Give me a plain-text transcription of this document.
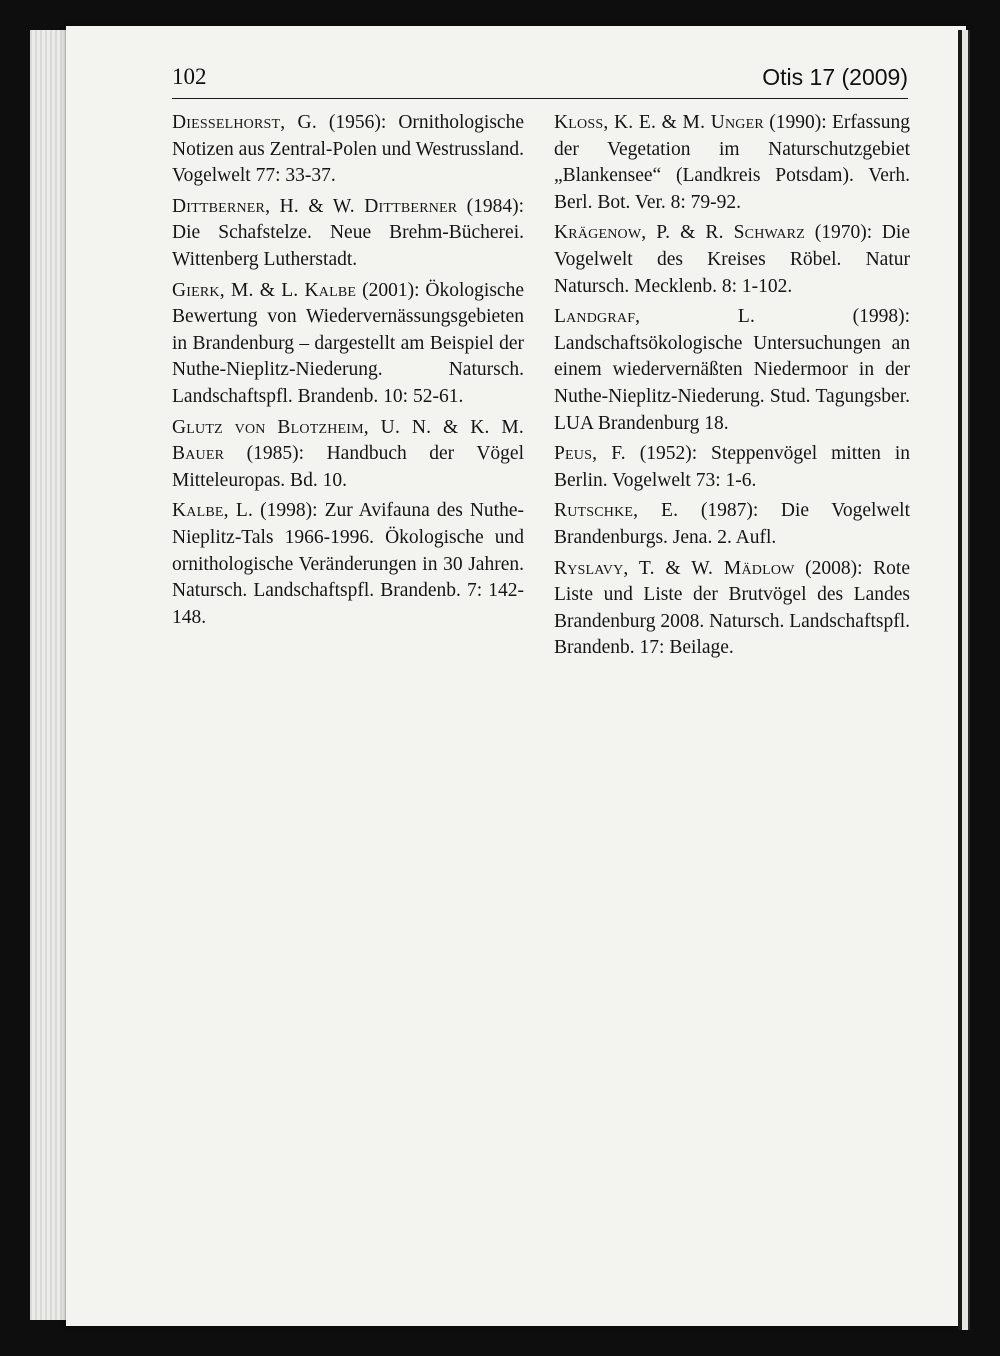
102	Otis 17 (2009)

Diesselhorst, G. (1956): Ornithologische Notizen aus Zentral-Polen und Westrussland. Vogelwelt 77: 33-37.

Dittberner, H. & W. Dittberner (1984): Die Schafstelze. Neue Brehm-Bücherei. Wittenberg Lutherstadt.

Gierk, M. & L. Kalbe (2001): Ökologische Bewertung von Wiedervernässungsgebieten in Brandenburg – dargestellt am Beispiel der Nuthe-Nieplitz-Niederung. Natursch. Landschaftspfl. Brandenb. 10: 52-61.

Glutz von Blotzheim, U. N. & K. M. Bauer (1985): Handbuch der Vögel Mitteleuropas. Bd. 10.

Kalbe, L. (1998): Zur Avifauna des Nuthe-Nieplitz-Tals 1966-1996. Ökologische und ornithologische Veränderungen in 30 Jahren. Natursch. Landschaftspfl. Brandenb. 7: 142-148.

Kloss, K. E. & M. Unger (1990): Erfassung der Vegetation im Naturschutzgebiet „Blankensee“ (Landkreis Potsdam). Verh. Berl. Bot. Ver. 8: 79-92.

Krägenow, P. & R. Schwarz (1970): Die Vogelwelt des Kreises Röbel. Natur Natursch. Mecklenb. 8: 1-102.

Landgraf, L. (1998): Landschaftsökologische Untersuchungen an einem wiedervernäßten Niedermoor in der Nuthe-Nieplitz-Niederung. Stud. Tagungsber. LUA Brandenburg 18.

Peus, F. (1952): Steppenvögel mitten in Berlin. Vogelwelt 73: 1-6.

Rutschke, E. (1987): Die Vogelwelt Brandenburgs. Jena. 2. Aufl.

Ryslavy, T. & W. Mädlow (2008): Rote Liste und Liste der Brutvögel des Landes Brandenburg 2008. Natursch. Landschaftspfl. Brandenb. 17: Beilage.
